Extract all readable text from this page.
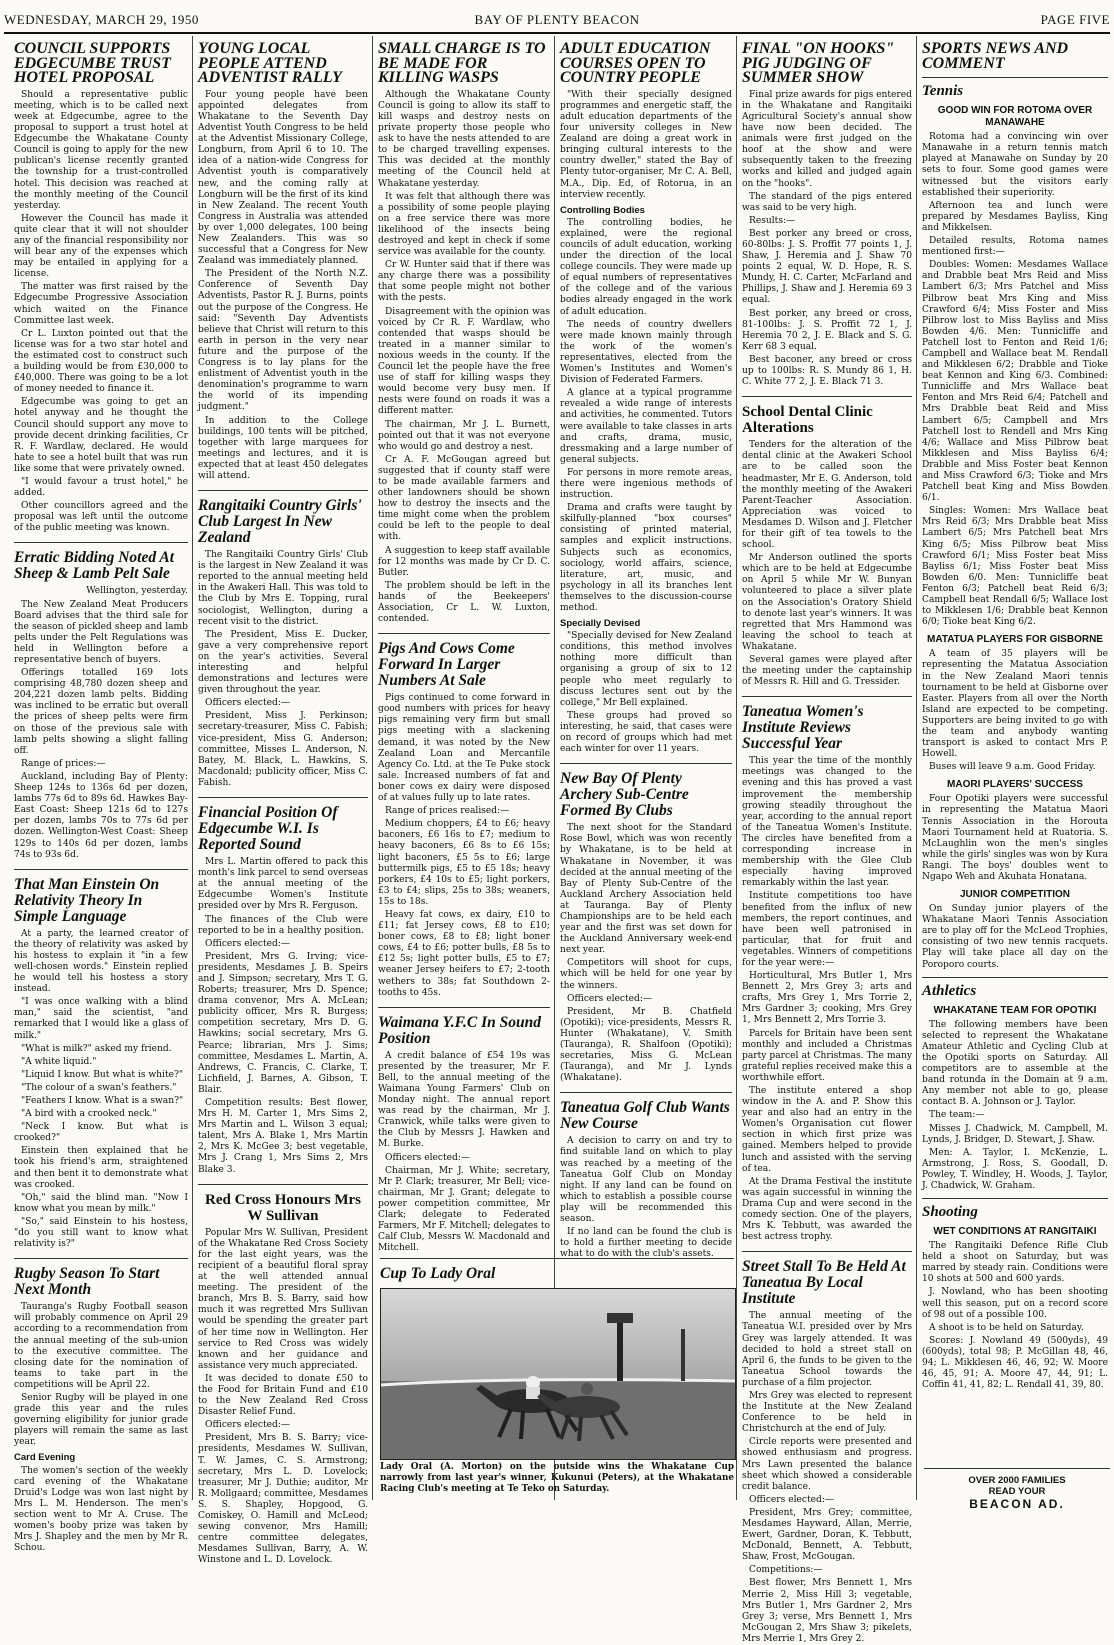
WEDNESDAY, MARCH 29, 1950	BAY OF PLENTY BEACON	PAGE FIVE
COUNCIL SUPPORTS EDGECUMBE TRUST HOTEL PROPOSAL

Should a representative public meeting, which is to be called next week at Edgecumbe, agree to the proposal to support a trust hotel at Edgecumbe the Whakatane County Council is going to apply for the new publican's license recently granted the township for a trust-controlled hotel. This decision was reached at the monthly meeting of the Council yesterday.

However the Council has made it quite clear that it will not shoulder any of the financial responsibility nor will bear any of the expenses which may be entailed in applying for a license.

The matter was first raised by the Edgecumbe Progressive Association which waited on the Finance Committee last week.

Cr L. Luxton pointed out that the license was for a two star hotel and the estimated cost to construct such a building would be from £30,000 to £40,000. There was going to be a lot of money needed to finance it.

Edgecumbe was going to get an hotel anyway and he thought the Council should support any move to provide decent drinking facilities, Cr R. F. Wardlaw, declared. He would hate to see a hotel built that was run like some that were privately owned.

"I would favour a trust hotel," he added.

Other councillors agreed and the proposal was left until the outcome of the public meeting was known.

Erratic Bidding Noted At Sheep & Lamb Pelt Sale

Wellington, yesterday.

The New Zealand Meat Producers Board advises that the third sale for the season of pickled sheep and lamb pelts under the Pelt Regulations was held in Wellington before a representative bench of buyers.

Offerings totalled 169 lots comprising 48,780 dozen sheep and 204,221 dozen lamb pelts. Bidding was inclined to be erratic but overall the prices of sheep pelts were firm on those of the previous sale with lamb pelts showing a slight falling off.

Range of prices:—

Auckland, including Bay of Plenty: Sheep 124s to 136s 6d per dozen, lambs 77s 6d to 89s 6d. Hawkes Bay-East Coast: Sheep 121s 6d to 127s per dozen, lambs 70s to 77s 6d per dozen. Wellington-West Coast: Sheep 129s to 140s 6d per dozen, lambs 74s to 93s 6d.

That Man Einstein On Relativity Theory In Simple Language

At a party, the learned creator of the theory of relativity was asked by his hostess to explain it "in a few well-chosen words." Einstein replied he would tell his hostess a story instead.

"I was once walking with a blind man," said the scientist, "and remarked that I would like a glass of milk."

"What is milk?" asked my friend.

"A white liquid."

"Liquid I know. But what is white?"

"The colour of a swan's feathers."

"Feathers I know. What is a swan?"

"A bird with a crooked neck."

"Neck I know. But what is crooked?"

Einstein then explained that he took his friend's arm, straightened and then bent it to demonstrate what was crooked.

"Oh," said the blind man. "Now I know what you mean by milk."

"So," said Einstein to his hostess, "do you still want to know what relativity is?"

Rugby Season To Start Next Month

Tauranga's Rugby Football season will probably commence on April 29 according to a recommendation from the annual meeting of the sub-union to the executive committee. The closing date for the nomination of teams to take part in the competitions will be April 22.

Senior Rugby will be played in one grade this year and the rules governing eligibility for junior grade players will remain the same as last year.

Card Evening

The women's section of the weekly card evening of the Whakatane Druid's Lodge was won last night by Mrs L. M. Henderson. The men's section went to Mr A. Cruse. The women's booby prize was taken by Mrs J. Shapley and the men by Mr R. Schou.

YOUNG LOCAL PEOPLE ATTEND ADVENTIST RALLY

Four young people have been appointed delegates from Whakatane to the Seventh Day Adventist Youth Congress to be held at the Adventist Missionary College, Longburn, from April 6 to 10. The idea of a nation-wide Congress for Adventist youth is comparatively new, and the coming rally at Longburn will be the first of its kind in New Zealand. The recent Youth Congress in Australia was attended by over 1,000 delegates, 100 being New Zealanders. This was so successful that a Congress for New Zealand was immediately planned.

The President of the North N.Z. Conference of Seventh Day Adventists, Pastor R. J. Burns, points out the purpose of the Congress. He said: "Seventh Day Adventists believe that Christ will return to this earth in person in the very near future and the purpose of the Congress is to lay plans for the enlistment of Adventist youth in the denomination's programme to warn the world of its impending judgment."

In addition to the College buildings, 100 tents will be pitched, together with large marquees for meetings and lectures, and it is expected that at least 450 delegates will attend.

Rangitaiki Country Girls' Club Largest In New Zealand

The Rangitaiki Country Girls' Club is the largest in New Zealand it was reported to the annual meeting held in the Awakeri Hall. This was told to the Club by Mrs E. Topping, rural sociologist, Wellington, during a recent visit to the district.

The President, Miss E. Ducker, gave a very comprehensive report on the year's activities. Several interesting and helpful demonstrations and lectures were given throughout the year.

Officers elected:—

President, Miss J. Perkinson; secretary-treasurer, Miss C. Fabish; vice-president, Miss G. Anderson; committee, Misses L. Anderson, N. Batey, M. Black, L. Hawkins, S. Macdonald; publicity officer, Miss C. Fabish.

Financial Position Of Edgecumbe W.I. Is Reported Sound

Mrs L. Martin offered to pack this month's link parcel to send overseas at the annual meeting of the Edgecumbe Women's Institute presided over by Mrs R. Ferguson.

The finances of the Club were reported to be in a healthy position.

Officers elected:—

President, Mrs G. Irving; vice-presidents, Mesdames J. B. Speirs and J. Simpson; secretary, Mrs T. G. Roberts; treasurer, Mrs D. Spence; drama convenor, Mrs A. McLean; publicity officer, Mrs R. Burgess; competition secretary, Mrs D. G. Hawkins; social secretary, Mrs G. Pearce; librarian, Mrs J. Sims; committee, Mesdames L. Martin, A. Andrews, C. Francis, C. Clarke, T. Lichfield, J. Barnes, A. Gibson, T. Blair.

Competition results: Best flower, Mrs H. M. Carter 1, Mrs Sims 2, Mrs Martin and L. Wilson 3 equal; talent, Mrs A. Blake 1, Mrs Martin 2, Mrs K. McGee 3; best vegetable, Mrs J. Crang 1, Mrs Sims 2, Mrs Blake 3.

Red Cross Honours Mrs W Sullivan

Popular Mrs W. Sullivan, President of the Whakatane Red Cross Society for the last eight years, was the recipient of a beautiful floral spray at the well attended annual meeting. The president of the branch, Mrs B. S. Barry, said how much it was regretted Mrs Sullivan would be spending the greater part of her time now in Wellington. Her service to Red Cross was widely known and her guidance and assistance very much appreciated.

It was decided to donate £50 to the Food for Britain Fund and £10 to the New Zealand Red Cross Disaster Relief Fund.

Officers elected:—

President, Mrs B. S. Barry; vice-presidents, Mesdames W. Sullivan, T. W. James, C. S. Armstrong; secretary, Mrs L. D. Lovelock; treasurer, Mr J. Duthie; auditor, Mr R. Mollgaard; committee, Mesdames S. S. Shapley, Hopgood, G. Comiskey, O. Hamill and McLeod; sewing convenor, Mrs Hamill; centre committee delegates, Mesdames Sullivan, Barry, A. W. Winstone and L. D. Lovelock.

SMALL CHARGE IS TO BE MADE FOR KILLING WASPS

Although the Whakatane County Council is going to allow its staff to kill wasps and destroy nests on private property those people who ask to have the nests attended to are to be charged travelling expenses. This was decided at the monthly meeting of the Council held at Whakatane yesterday.

It was felt that although there was a possibility of some people playing on a free service there was more likelihood of the insects being destroyed and kept in check if some service was available for the county.

Cr W. Hunter said that if there was any charge there was a possibility that some people might not bother with the pests.

Disagreement with the opinion was voiced by Cr R. F. Wardlaw, who contended that wasps should be treated in a manner similar to noxious weeds in the county. If the Council let the people have the free use of staff for killing wasps they would become very busy men. If nests were found on roads it was a different matter.

The chairman, Mr J. L. Burnett, pointed out that it was not everyone who would go and destroy a nest.

Cr A. F. McGougan agreed but suggested that if county staff were to be made available farmers and other landowners should be shown how to destroy the insects and the time might come when the problem could be left to the people to deal with.

A suggestion to keep staff available for 12 months was made by Cr D. C. Butler.

The problem should be left in the hands of the Beekeepers' Association, Cr L. W. Luxton, contended.

Pigs And Cows Come Forward In Larger Numbers At Sale

Pigs continued to come forward in good numbers with prices for heavy pigs remaining very firm but small pigs meeting with a slackening demand, it was noted by the New Zealand Loan and Mercantile Agency Co. Ltd. at the Te Puke stock sale. Increased numbers of fat and boner cows ex dairy were disposed of at values fully up to late rates.

Range of prices realised:—

Medium choppers, £4 to £6; heavy baconers, £6 16s to £7; medium to heavy baconers, £6 8s to £6 15s; light baconers, £5 5s to £6; large buttermilk pigs, £5 to £5 18s; heavy porkers, £4 10s to £5; light porkers, £3 to £4; slips, 25s to 38s; weaners, 15s to 18s.

Heavy fat cows, ex dairy, £10 to £11; fat Jersey cows, £8 to £10; boner cows, £8 to £8; light boner cows, £4 to £6; potter bulls, £8 5s to £12 5s; light potter bulls, £5 to £7; weaner Jersey heifers to £7; 2-tooth wethers to 38s; fat Southdown 2-tooths to 45s.

Waimana Y.F.C In Sound Position

A credit balance of £54 19s was presented by the treasurer, Mr F. Bell, to the annual meeting of the Waimana Young Farmers' Club on Monday night. The annual report was read by the chairman, Mr J. Cranwick, while talks were given to the Club by Messrs J. Hawken and M. Burke.

Officers elected:—

Chairman, Mr J. White; secretary, Mr P. Clark; treasurer, Mr Bell; vice-chairman, Mr J. Grant; delegate to power competition committee, Mr Clark; delegate to Federated Farmers, Mr F. Mitchell; delegates to Calf Club, Messrs W. Macdonald and Mitchell.

ADULT EDUCATION COURSES OPEN TO COUNTRY PEOPLE

"With their specially designed programmes and energetic staff, the adult education departments of the four university colleges in New Zealand are doing a great work in bringing cultural interests to the country dweller," stated the Bay of Plenty tutor-organiser, Mr C. A. Bell, M.A., Dip. Ed, of Rotorua, in an interview recently.

Controlling Bodies

The controlling bodies, he explained, were the regional councils of adult education, working under the direction of the local college councils. They were made up of equal numbers of representatives of the college and of the various bodies already engaged in the work of adult education.

The needs of country dwellers were made known mainly through the work of the women's representatives, elected from the Women's Institutes and Women's Division of Federated Farmers.

A glance at a typical programme revealed a wide range of interests and activities, he commented. Tutors were available to take classes in arts and crafts, drama, music, dressmaking and a large number of general subjects.

For persons in more remote areas, there were ingenious methods of instruction.

Drama and crafts were taught by skilfully-planned "box courses" consisting of printed material, samples and explicit instructions. Subjects such as economics, sociology, world affairs, science, literature, art, music, and psychology in all its branches lent themselves to the discussion-course method.

Specially Devised

"Specially devised for New Zealand conditions, this method involves nothing more difficult than organising a group of six to 12 people who meet regularly to discuss lectures sent out by the college," Mr Bell explained.

These groups had proved so interesting, he said, that cases were on record of groups which had met each winter for over 11 years.

New Bay Of Plenty Archery Sub-Centre Formed By Clubs

The next shoot for the Standard Rose Bowl, which was won recently by Whakatane, is to be held at Whakatane in November, it was decided at the annual meeting of the Bay of Plenty Sub-Centre of the Auckland Archery Association held at Tauranga. Bay of Plenty Championships are to be held each year and the first was set down for the Auckland Anniversary week-end next year.

Competitors will shoot for cups, which will be held for one year by the winners.

Officers elected:—

President, Mr B. Chatfield (Opotiki); vice-presidents, Messrs R. Hunter (Whakatane), V. Smith (Tauranga), R. Shalfoon (Opotiki); secretaries, Miss G. McLean (Tauranga), and Mr J. Lynds (Whakatane).

Taneatua Golf Club Wants New Course

A decision to carry on and try to find suitable land on which to play was reached by a meeting of the Taneatua Golf Club on Monday night. If any land can be found on which to establish a possible course play will be recommended this season.

If no land can be found the club is to hold a further meeting to decide what to do with the club's assets.

Cup To Lady Oral
Lady Oral (A. Morton) on the outside wins the Whakatane Cup narrowly from last year's winner, Kukunui (Peters), at the Whakatane Racing Club's meeting at Te Teko on Saturday.
FINAL "ON HOOKS" PIG JUDGING OF SUMMER SHOW

Final prize awards for pigs entered in the Whakatane and Rangitaiki Agricultural Society's annual show have now been decided. The animals were first judged on the hoof at the show and were subsequently taken to the freezing works and killed and judged again on the "hooks".

The standard of the pigs entered was said to be very high.

Results:—

Best porker any breed or cross, 60-80lbs: J. S. Proffit 77 points 1, J. Shaw, J. Heremia and J. Shaw 70 points 2 equal, W. D. Hope, R. S. Mundy, H. C. Carter, McFarland and Phillips, J. Shaw and J. Heremia 69 3 equal.

Best porker, any breed or cross, 81-100lbs: J. S. Proffit 72 1, J. Heremia 70 2, J. E. Black and S. G. Kerr 68 3 equal.

Best baconer, any breed or cross up to 100lbs: R. S. Mundy 86 1, H. C. White 77 2, J. E. Black 71 3.

School Dental Clinic Alterations

Tenders for the alteration of the dental clinic at the Awakeri School are to be called soon the headmaster, Mr E. G. Anderson, told the monthly meeting of the Awakeri Parent-Teacher Association. Appreciation was voiced to Mesdames D. Wilson and J. Fletcher for their gift of tea towels to the school.

Mr Anderson outlined the sports which are to be held at Edgecumbe on April 5 while Mr W. Bunyan volunteered to place a silver plate on the Association's Oratory Shield to denote last year's winners. It was regretted that Mrs Hammond was leaving the school to teach at Whakatane.

Several games were played after the meeting under the captainship of Messrs R. Hill and G. Tressider.

Taneatua Women's Institute Reviews Successful Year

This year the time of the monthly meetings was changed to the evening and this has proved a vast improvement the membership growing steadily throughout the year, according to the annual report of the Taneatua Women's Institute. The circles have benefited from a corresponding increase in membership with the Glee Club especially having improved remarkably within the last year.

Institute competitions too have benefited from the influx of new members, the report continues, and have been well patronised in particular, that for fruit and vegetables. Winners of competitions for the year were:—

Horticultural, Mrs Butler 1, Mrs Bennett 2, Mrs Grey 3; arts and crafts, Mrs Grey 1, Mrs Torrie 2, Mrs Gardner 3; cooking, Mrs Grey 1, Mrs Bennett 2, Mrs Torrie 3.

Parcels for Britain have been sent monthly and included a Christmas party parcel at Christmas. The many grateful replies received make this a worthwhile effort.

The institute entered a shop window in the A. and P. Show this year and also had an entry in the Women's Organisation cut flower section in which first prize was gained. Members helped to provide lunch and assisted with the serving of tea.

At the Drama Festival the institute was again successful in winning the Drama Cup and were second in the comedy section. One of the players, Mrs K. Tebbutt, was awarded the best actress trophy.

Street Stall To Be Held At Taneatua By Local Institute

The annual meeting of the Taneatua W.I. presided over by Mrs Grey was largely attended. It was decided to hold a street stall on April 6, the funds to be given to the Taneatua School towards the purchase of a film projector.

Mrs Grey was elected to represent the Institute at the New Zealand Conference to be held in Christchurch at the end of July.

Circle reports were presented and showed enthusiasm and progress. Mrs Lawn presented the balance sheet which showed a considerable credit balance.

Officers elected:—

President, Mrs Grey; committee, Mesdames Hayward, Allan, Merrie, Ewert, Gardner, Doran, K. Tebbutt, McDonald, Bennett, A. Tebbutt, Shaw, Frost, McGougan.

Competitions:—

Best flower, Mrs Bennett 1, Mrs Merrie 2, Miss Hill 3; vegetable, Mrs Butler 1, Mrs Gardner 2, Mrs Grey 3; verse, Mrs Bennett 1, Mrs McGougan 2, Mrs Shaw 3; pikelets, Mrs Merrie 1, Mrs Grey 2.

SPORTS NEWS AND COMMENT
Tennis
GOOD WIN FOR ROTOMA OVER MANAWAHE

Rotoma had a convincing win over Manawahe in a return tennis match played at Manawahe on Sunday by 20 sets to four. Some good games were witnessed but the visitors early established their superiority.

Afternoon tea and lunch were prepared by Mesdames Bayliss, King and Mikkelsen.

Detailed results, Rotoma names mentioned first:—

Doubles: Women: Mesdames Wallace and Drabble beat Mrs Reid and Miss Lambert 6/3; Mrs Patchel and Miss Pilbrow beat Mrs King and Miss Crawford 6/4; Miss Foster and Miss Pilbrow lost to Miss Bayliss and Miss Bowden 4/6. Men: Tunnicliffe and Patchell lost to Fenton and Reid 1/6; Campbell and Wallace beat M. Rendall and Mikklesen 6/2; Drabble and Tioke beat Kennon and King 6/3. Combined: Tunnicliffe and Mrs Wallace beat Fenton and Mrs Reid 6/4; Patchell and Mrs Drabble beat Reid and Miss Lambert 6/5; Campbell and Mrs Patchell lost to Rendell and Mrs King 4/6; Wallace and Miss Pilbrow beat Mikklesen and Miss Bayliss 6/4; Drabble and Miss Foster beat Kennon and Miss Crawford 6/3; Tioke and Mrs Patchell beat King and Miss Bowden 6/1.

Singles: Women: Mrs Wallace beat Mrs Reid 6/3; Mrs Drabble beat Miss Lambert 6/5; Mrs Patchell beat Mrs King 6/5; Miss Pilbrow beat Miss Crawford 6/1; Miss Foster beat Miss Bayliss 6/1; Miss Foster beat Miss Bowden 6/0. Men: Tunnicliffe beat Fenton 6/3; Patchell beat Reid 6/3; Campbell beat Rendall 6/5; Wallace lost to Mikklesen 1/6; Drabble beat Kennon 6/0; Tioke beat King 6/2.

MATATUA PLAYERS FOR GISBORNE

A team of 35 players will be representing the Matatua Association in the New Zealand Maori tennis tournament to be held at Gisborne over Easter. Players from all over the North Island are expected to be competing. Supporters are being invited to go with the team and anybody wanting transport is asked to contact Mrs P. Howell.

Buses will leave 9 a.m. Good Friday.

MAORI PLAYERS' SUCCESS

Four Opotiki players were successful in representing the Matatua Maori Tennis Association in the Horouta Maori Tournament held at Ruatoria. S. McLaughlin won the men's singles while the girls' singles was won by Kura Rangi. The boys' doubles went to Ngapo Weh and Akuhata Honatana.

JUNIOR COMPETITION

On Sunday junior players of the Whakatane Maori Tennis Association are to play off for the McLeod Trophies, consisting of two new tennis racquets. Play will take place all day on the Poroporo courts.

Athletics
WHAKATANE TEAM FOR OPOTIKI

The following members have been selected to represent the Whakatane Amateur Athletic and Cycling Club at the Opotiki sports on Saturday. All competitors are to assemble at the band rotunda in the Domain at 9 a.m. Any member not able to go, please contact B. A. Johnson or J. Taylor.

The team:—

Misses J. Chadwick, M. Campbell, M. Lynds, J. Bridger, D. Stewart, J. Shaw.

Men: A. Taylor, I. McKenzie, L. Armstrong, J. Ross, S. Goodall, D. Powley, T. Windley, H. Woods, J. Taylor, J. Chadwick, W. Graham.

Shooting
WET CONDITIONS AT RANGITAIKI

The Rangitaiki Defence Rifle Club held a shoot on Saturday, but was marred by steady rain. Conditions were 10 shots at 500 and 600 yards.

J. Nowland, who has been shooting well this season, put on a record score of 98 out of a possible 100.

A shoot is to be held on Saturday.

Scores: J. Nowland 49 (500yds), 49 (600yds), total 98; P. McGillan 48, 46, 94; L. Mikklesen 46, 46, 92; W. Moore 46, 45, 91; A. Moore 47, 44, 91; L. Coffin 41, 41, 82; L. Rendall 41, 39, 80.

OVER 2000 FAMILIES
READ YOUR
BEACON AD.
